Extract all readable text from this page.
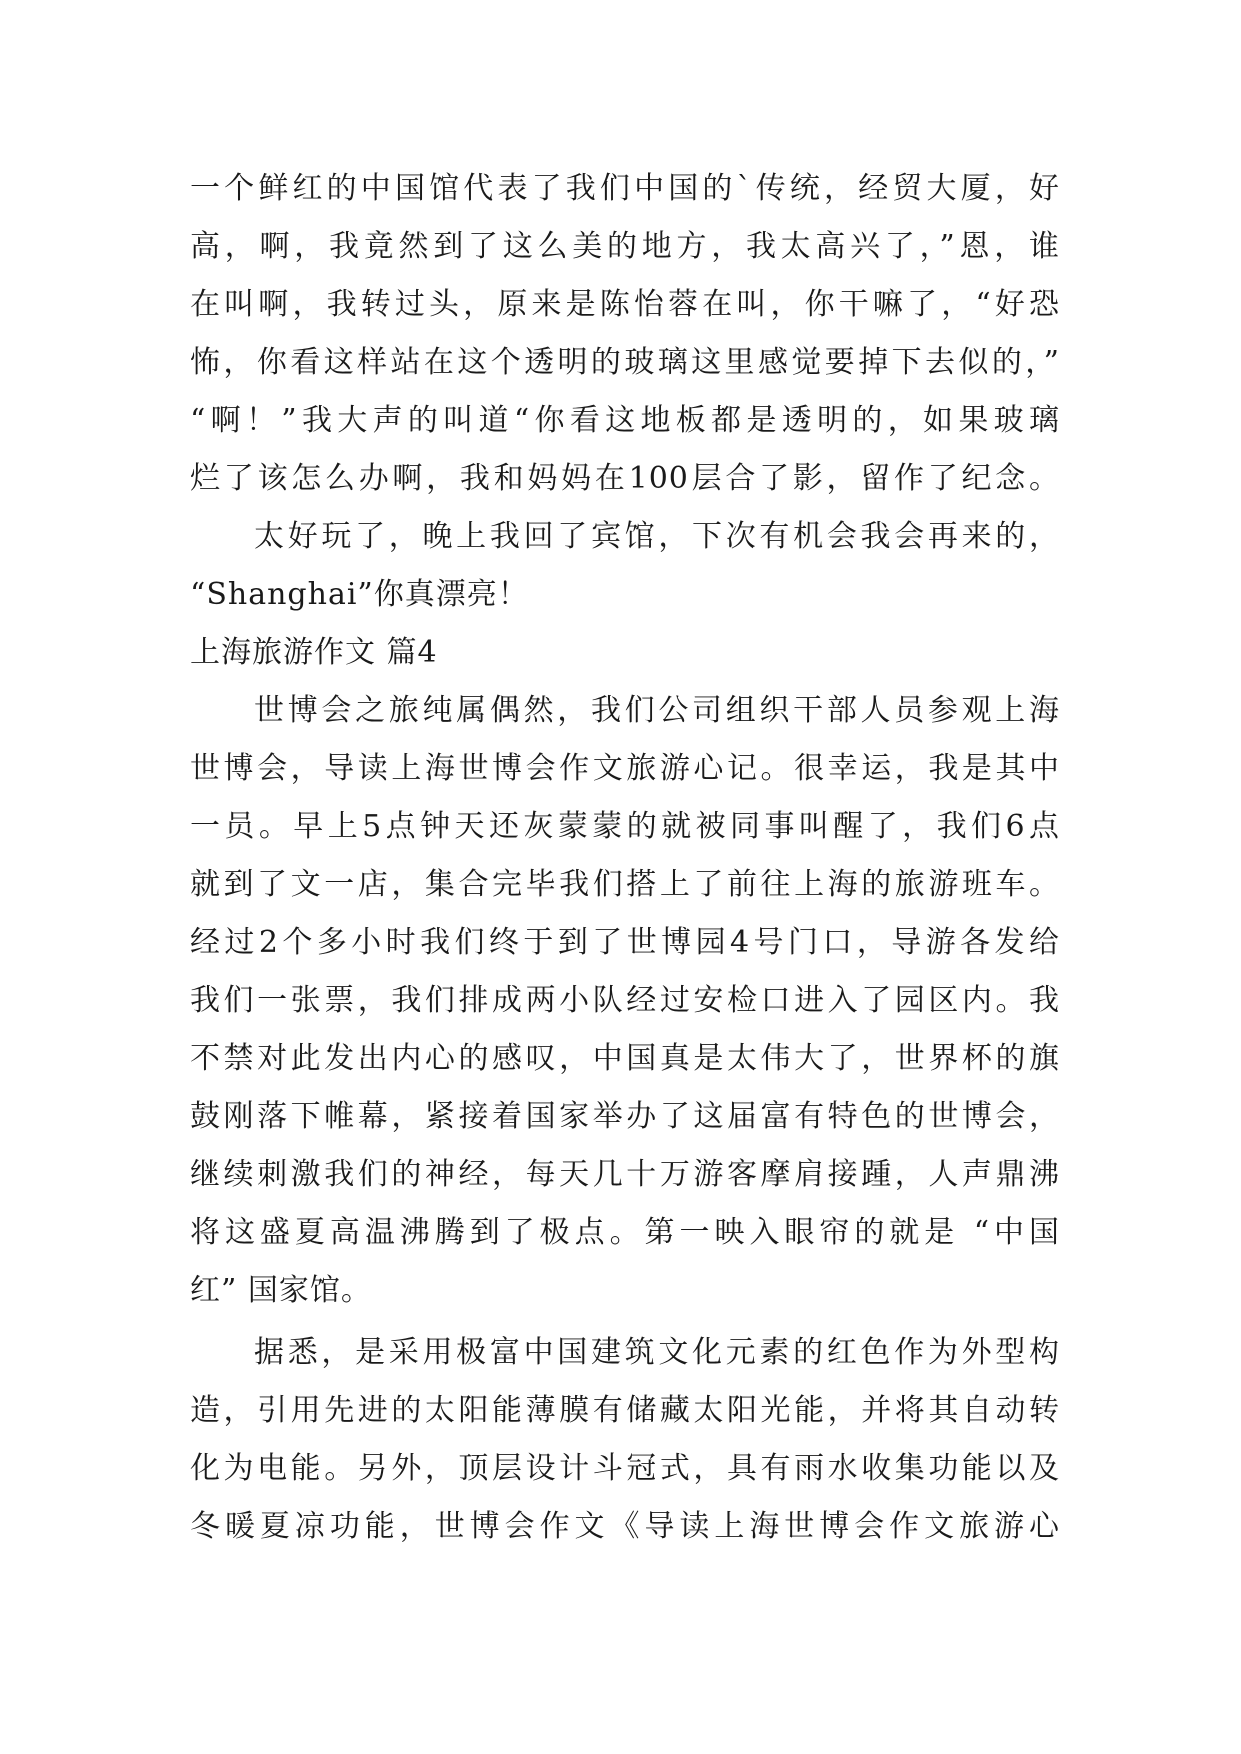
一个鲜红的中国馆代表了我们中国的`传统，经贸大厦，好
高，啊，我竟然到了这么美的地方，我太高兴了，”恩，谁
在叫啊，我转过头，原来是陈怡蓉在叫，你干嘛了，“好恐
怖，你看这样站在这个透明的玻璃这里感觉要掉下去似的，”
“啊！”我大声的叫道“你看这地板都是透明的，如果玻璃
烂了该怎么办啊，我和妈妈在100层合了影，留作了纪念。
太好玩了，晚上我回了宾馆，下次有机会我会再来的，
“Shanghai”你真漂亮！
上海旅游作文 篇4
世博会之旅纯属偶然，我们公司组织干部人员参观上海
世博会，导读上海世博会作文旅游心记。很幸运，我是其中
一员。早上5点钟天还灰蒙蒙的就被同事叫醒了，我们6点
就到了文一店，集合完毕我们搭上了前往上海的旅游班车。
经过2个多小时我们终于到了世博园4号门口，导游各发给
我们一张票，我们排成两小队经过安检口进入了园区内。我
不禁对此发出内心的感叹，中国真是太伟大了，世界杯的旗
鼓刚落下帷幕，紧接着国家举办了这届富有特色的世博会，
继续刺激我们的神经，每天几十万游客摩肩接踵，人声鼎沸
将这盛夏高温沸腾到了极点。第一映入眼帘的就是 “中国
红” 国家馆。
据悉，是采用极富中国建筑文化元素的红色作为外型构
造，引用先进的太阳能薄膜有储藏太阳光能，并将其自动转
化为电能。另外，顶层设计斗冠式，具有雨水收集功能以及
冬暖夏凉功能，世博会作文《导读上海世博会作文旅游心
